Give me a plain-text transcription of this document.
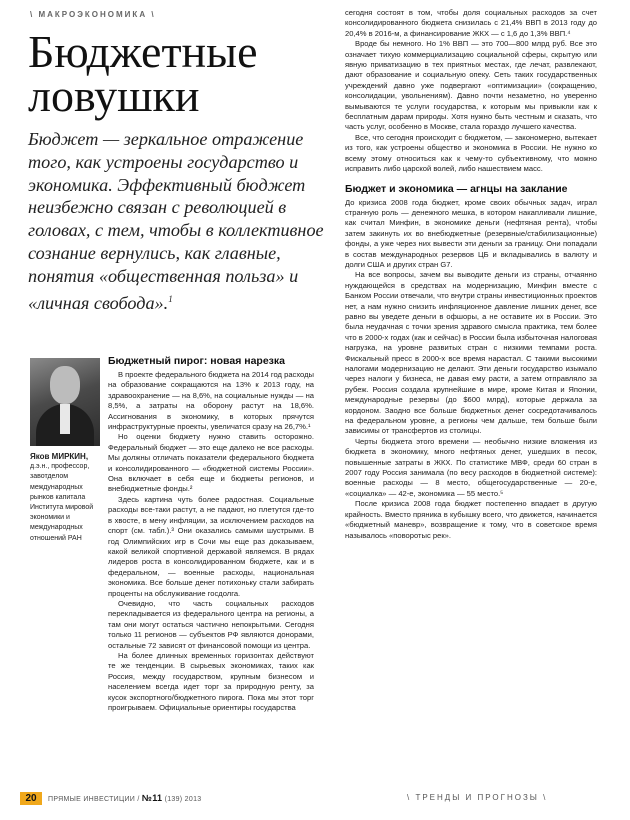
\ МАКРОЭКОНОМИКА \
Бюджетные
ловушки
Бюджет — зеркальное отражение того, как устроены государство и экономика. Эффективный бюджет неизбежно связан с революцией в головах, с тем, чтобы в коллективное сознание вернулись, как главные, понятия «общественная польза» и «личная свобода».$^1$
Яков МИРКИН,
д.э.н., профессор, завотделом международных рынков капитала Института мировой экономики и международных отношений РАН
Бюджетный пирог: новая нарезка

В проекте федерального бюджета на 2014 год расходы на образование сокращаются на 13% к 2013 году, на здравоохранение — на 8,6%, на социальные нужды — на 8,5%, а затраты на оборону растут на 18,6%. Ассигнования в экономику, в которых прячутся инфраструктурные проекты, увеличатся сразу на 26,7%.¹

Но оценки бюджету нужно ставить осторожно. Федеральный бюджет — это еще далеко не все расходы. Мы должны отличать показатели федерального бюджета и консолидированного — «бюджетной системы России». Она включает в себя еще и бюджеты регионов, и внебюджетные фонды.²

Здесь картина чуть более радостная. Социальные расходы все-таки растут, а не падают, но плетутся где-то в хвосте, в мену инфляции, за исключением расходов на спорт (см. табл.).³ Они оказались самыми шустрыми. В год Олимпийских игр в Сочи мы еще раз доказываем, какой великой спортивной державой являемся. В рядах лидеров роста в консолидированном бюджете, как и в федеральном, — военные расходы, национальная экономика. Все больше денег потихоньку стали забирать проценты на обслуживание госдолга.

Очевидно, что часть социальных расходов перекладывается из федерального центра на регионы, а там они могут остаться частично непокрытыми. Сегодня только 11 регионов — субъектов РФ являются донорами, остальные 72 зависят от финансовой помощи из центра.

На более длинных временных горизонтах действуют те же тенденции. В сырьевых экономиках, таких как Россия, между государством, крупным бизнесом и населением всегда идет торг за природную ренту, за кусок экспортного/бюджетного пирога. Пока мы этот торг проигрываем. Официальные ориентиры государства

сегодня состоят в том, чтобы доля социальных расходов за счет консолидированного бюджета снизилась с 21,4% ВВП в 2013 году до 20,4% в 2016-м, а финансирование ЖКХ — с 1,6 до 1,3% ВВП.⁴

Вроде бы немного. Но 1% ВВП — это 700—800 млрд руб. Все это означает тихую коммерциализацию социальной сферы, скрытую или явную приватизацию в тех приятных местах, где лечат, развлекают, дают образование и социальную опеку. Сеть таких государственных учреждений давно уже подвергают «оптимизации» (сокращению, консолидации, увольнениям). Давно почти незаметно, но уверенно вымываются те услуги государства, к которым мы привыкли как к бесплатным дарам природы. Хотя нужно быть честным и сказать, что часть услуг, особенно в Москве, стала гораздо лучшего качества.

Все, что сегодня происходит с бюджетом, — закономерно, вытекает из того, как устроены общество и экономика в России. Не нужно ко всему этому относиться как к чему-то субъективному, что можно исправить либо царской волей, либо нашествием масс.

Бюджет и экономика — агнцы на заклание

До кризиса 2008 года бюджет, кроме своих обычных задач, играл странную роль — денежного мешка, в котором накапливали лишние, как считал Минфин, в экономике деньги (нефтяная рента), чтобы затем закинуть их во внебюджетные (резервные/стабилизационные) фонды, а уже через них вывести эти деньги за границу. Они попадали в состав международных резервов ЦБ и вкладывались в валюту и долги США и других стран G7.

На все вопросы, зачем вы выводите деньги из страны, отчаянно нуждающейся в средствах на модернизацию, Минфин вместе с Банком России отвечали, что внутри страны инвестиционных проектов нет, а нам нужно снизить инфляционное давление лишних денег, все равно вы уведете деньги в офшоры, а не оставите их в России. Это была неудачная с точки зрения здравого смысла практика, тем более что в 2000-х годах (как и сейчас) в России была избыточная налоговая нагрузка, на уровне развитых стран с низкими темпами роста. Фискальный пресс в 2000-х все время нарастал. С такими высокими налогами модернизацию не делают. Эти деньги государство изымало через налоги у бизнеса, не давая ему расти, а затем отправляло за рубеж. Россия создала крупнейшие в мире, кроме Китая и Японии, международные резервы (до $600 млрд), которые держала за кордоном. Заодно все больше бюджетных денег сосредотачивалось на федеральном уровне, а регионы чем дальше, тем больше были зависимы от трансфертов из столицы.

Черты бюджета этого времени — необычно низкие вложения из бюджета в экономику, много нефтяных денег, ушедших в песок, повышенные затраты в ЖКХ. По статистике МВФ, среди 60 стран в 2007 году Россия занимала (по весу расходов в бюджетной системе): военные расходы — 8 место, общегосударственные — 20-е, «социалка» — 42-е, экономика — 55 место.⁵

После кризиса 2008 года бюджет постепенно впадает в другую крайность. Вместо пряника в кубышку всего, что движется, начинается «бюджетный маневр», возвращение к тому, что в советское время называлось «поворотыс рек».

20	ПРЯМЫЕ ИНВЕСТИЦИИ / №11 (139) 2013	\ ТРЕНДЫ И ПРОГНОЗЫ \
